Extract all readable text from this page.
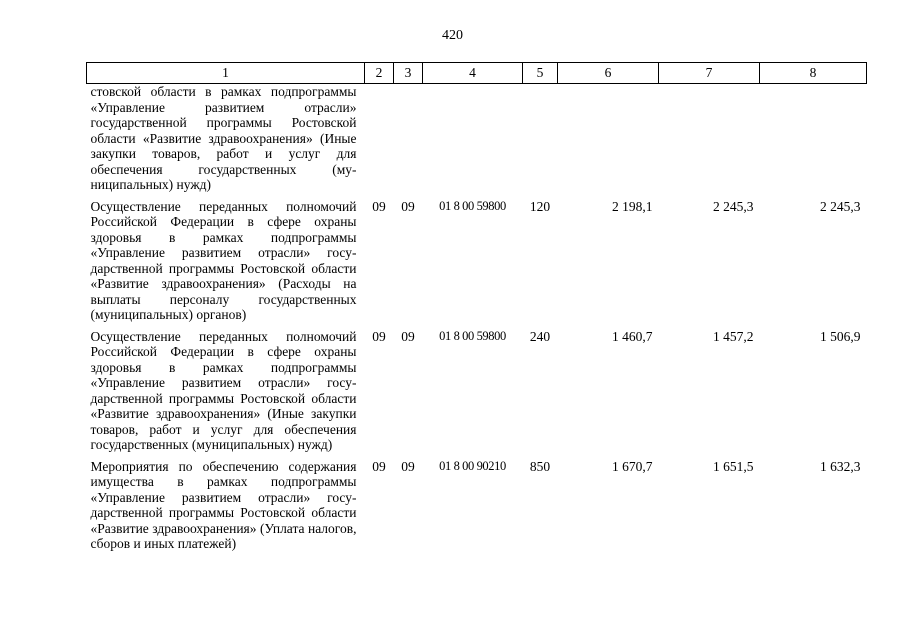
420
1	2	3	4	5	6	7	8
стовской области в рамках подпрограммы «Управление развитием отрасли» государственной программы Ростовской области «Развитие здравоохранения» (Иные закупки товаров, работ и услуг для обеспечения государственных (муниципальных) нужд)							
Осуществление переданных полномочий Российской Федерации в сфере охраны здоровья в рамках подпрограммы «Управление развитием отрасли» государственной программы Ростовской области «Развитие здравоохранения» (Расходы на выплаты персоналу государственных (муниципальных) органов)	09	09	01 8 00 59800	120	2 198,1	2 245,3	2 245,3
Осуществление переданных полномочий Российской Федерации в сфере охраны здоровья в рамках подпрограммы «Управление развитием отрасли» государственной программы Ростовской области «Развитие здравоохранения» (Иные закупки товаров, работ и услуг для обеспечения государственных (муниципальных) нужд)	09	09	01 8 00 59800	240	1 460,7	1 457,2	1 506,9
Мероприятия по обеспечению содержания имущества в рамках подпрограммы «Управление развитием отрасли» государственной программы Ростовской области «Развитие здравоохранения» (Уплата налогов, сборов и иных платежей)	09	09	01 8 00 90210	850	1 670,7	1 651,5	1 632,3
